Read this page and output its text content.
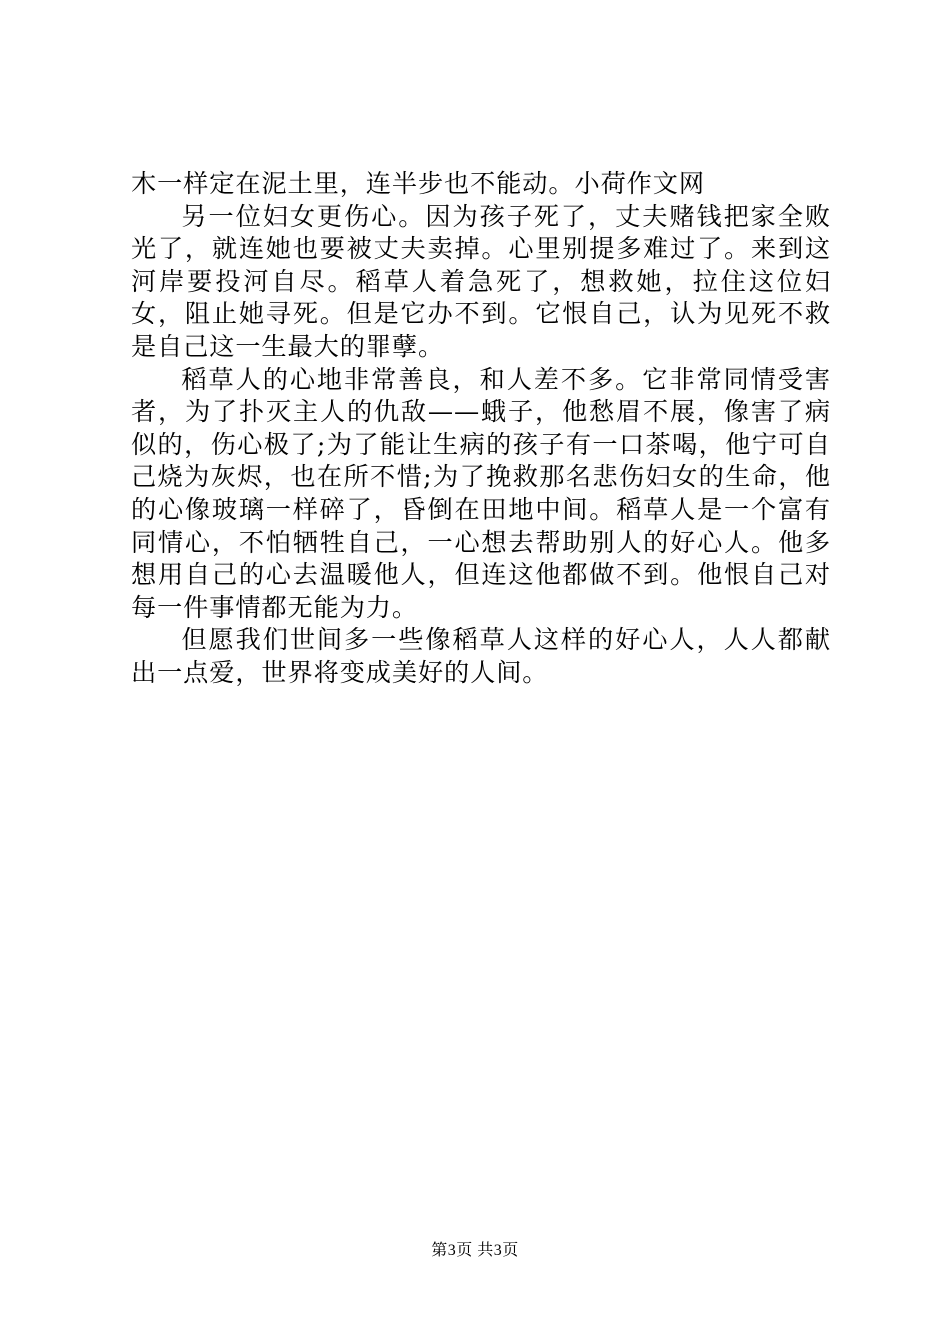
木一样定在泥土里，连半步也不能动。小荷作文网

另一位妇女更伤心。因为孩子死了，丈夫赌钱把家全败光了，就连她也要被丈夫卖掉。心里别提多难过了。来到这河岸要投河自尽。稻草人着急死了，想救她，拉住这位妇女，阻止她寻死。但是它办不到。它恨自己，认为见死不救是自己这一生最大的罪孽。

稻草人的心地非常善良，和人差不多。它非常同情受害者，为了扑灭主人的仇敌——蛾子，他愁眉不展，像害了病似的，伤心极了;为了能让生病的孩子有一口茶喝，他宁可自己烧为灰烬，也在所不惜;为了挽救那名悲伤妇女的生命，他的心像玻璃一样碎了，昏倒在田地中间。稻草人是一个富有同情心，不怕牺牲自己，一心想去帮助别人的好心人。他多想用自己的心去温暖他人，但连这他都做不到。他恨自己对每一件事情都无能为力。

但愿我们世间多一些像稻草人这样的好心人，人人都献出一点爱，世界将变成美好的人间。

第3页 共3页
